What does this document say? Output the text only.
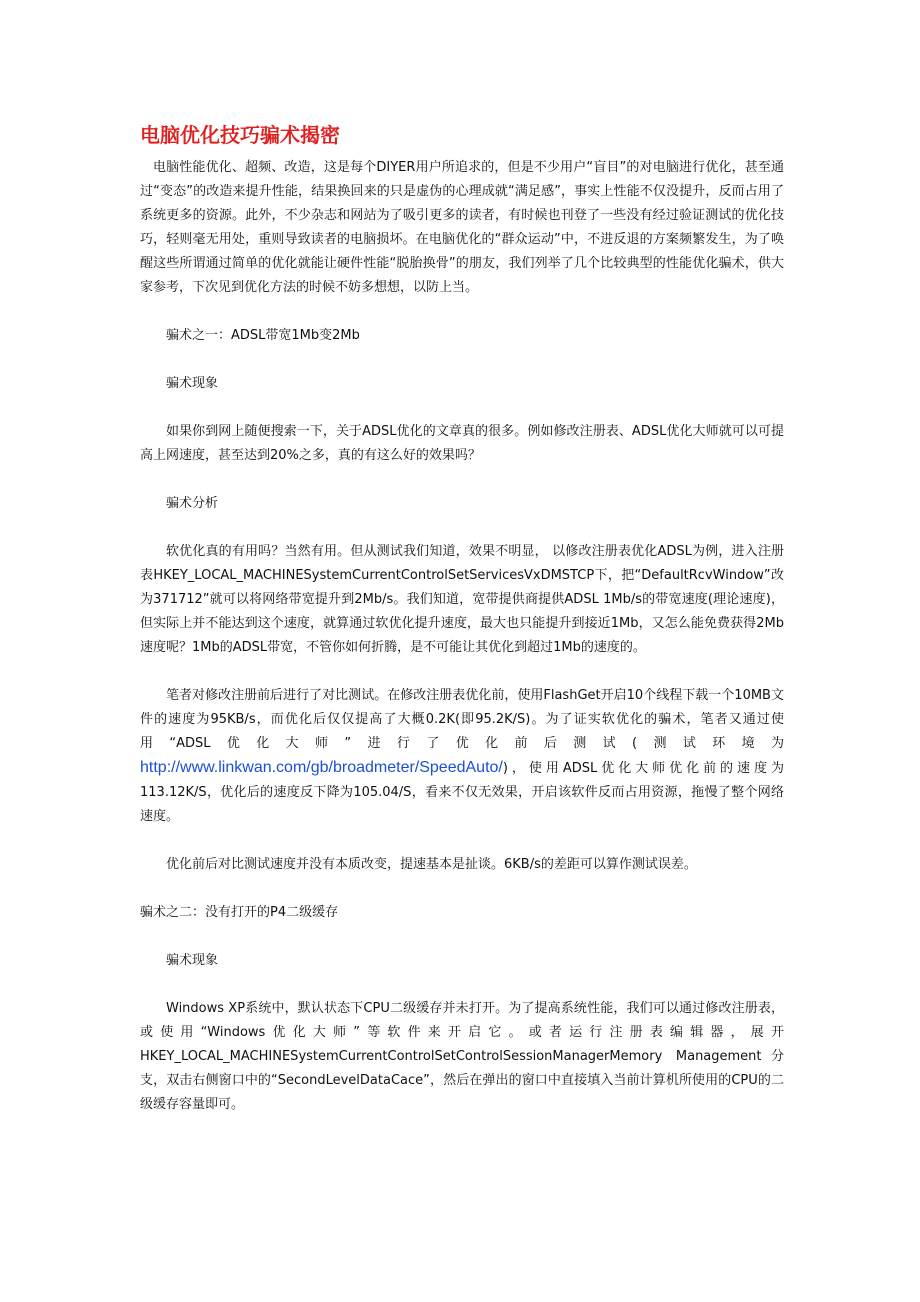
电脑优化技巧骗术揭密

电脑性能优化、超频、改造，这是每个DIYER用户所追求的，但是不少用户“盲目”的对电脑进行优化，甚至通过“变态”的改造来提升性能，结果换回来的只是虚伪的心理成就“满足感”，事实上性能不仅没提升，反而占用了系统更多的资源。此外，不少杂志和网站为了吸引更多的读者，有时候也刊登了一些没有经过验证测试的优化技巧，轻则毫无用处，重则导致读者的电脑损坏。在电脑优化的“群众运动”中，不进反退的方案频繁发生，为了唤醒这些所谓通过简单的优化就能让硬件性能“脱胎换骨”的朋友，我们列举了几个比较典型的性能优化骗术，供大家参考，下次见到优化方法的时候不妨多想想，以防上当。

骗术之一：ADSL带宽1Mb变2Mb

骗术现象

如果你到网上随便搜索一下，关于ADSL优化的文章真的很多。例如修改注册表、ADSL优化大师就可以可提高上网速度，甚至达到20%之多，真的有这么好的效果吗？

骗术分析

软优化真的有用吗？当然有用。但从测试我们知道，效果不明显， 以修改注册表优化ADSL为例，进入注册表HKEY_LOCAL_MACHINESystemCurrentControlSetServicesVxDMSTCP下，把“DefaultRcvWindow”改为371712”就可以将网络带宽提升到2Mb/s。我们知道，宽带提供商提供ADSL 1Mb/s的带宽速度(理论速度)，但实际上并不能达到这个速度，就算通过软优化提升速度，最大也只能提升到接近1Mb，又怎么能免费获得2Mb速度呢？1Mb的ADSL带宽，不管你如何折腾，是不可能让其优化到超过1Mb的速度的。

笔者对修改注册前后进行了对比测试。在修改注册表优化前，使用FlashGet开启10个线程下载一个10MB文件的速度为95KB/s，而优化后仅仅提高了大概0.2K(即95.2K/S)。为了证实软优化的骗术，笔者又通过使用“ADSL优化大师”进行了优化前后测试(测试环境为http://www.linkwan.com/gb/broadmeter/SpeedAuto/)，使用ADSL优化大师优化前的速度为113.12K/S，优化后的速度反下降为105.04/S，看来不仅无效果，开启该软件反而占用资源，拖慢了整个网络速度。

优化前后对比测试速度并没有本质改变，提速基本是扯谈。6KB/s的差距可以算作测试误差。

骗术之二：没有打开的P4二级缓存

骗术现象

Windows XP系统中，默认状态下CPU二级缓存并未打开。为了提高系统性能，我们可以通过修改注册表，或使用“Windows优化大师”等软件来开启它。或者运行注册表编辑器，展开HKEY_LOCAL_MACHINESystemCurrentControlSetControlSessionManagerMemory Management分支，双击右侧窗口中的“SecondLevelDataCace”，然后在弹出的窗口中直接填入当前计算机所使用的CPU的二级缓存容量即可。
